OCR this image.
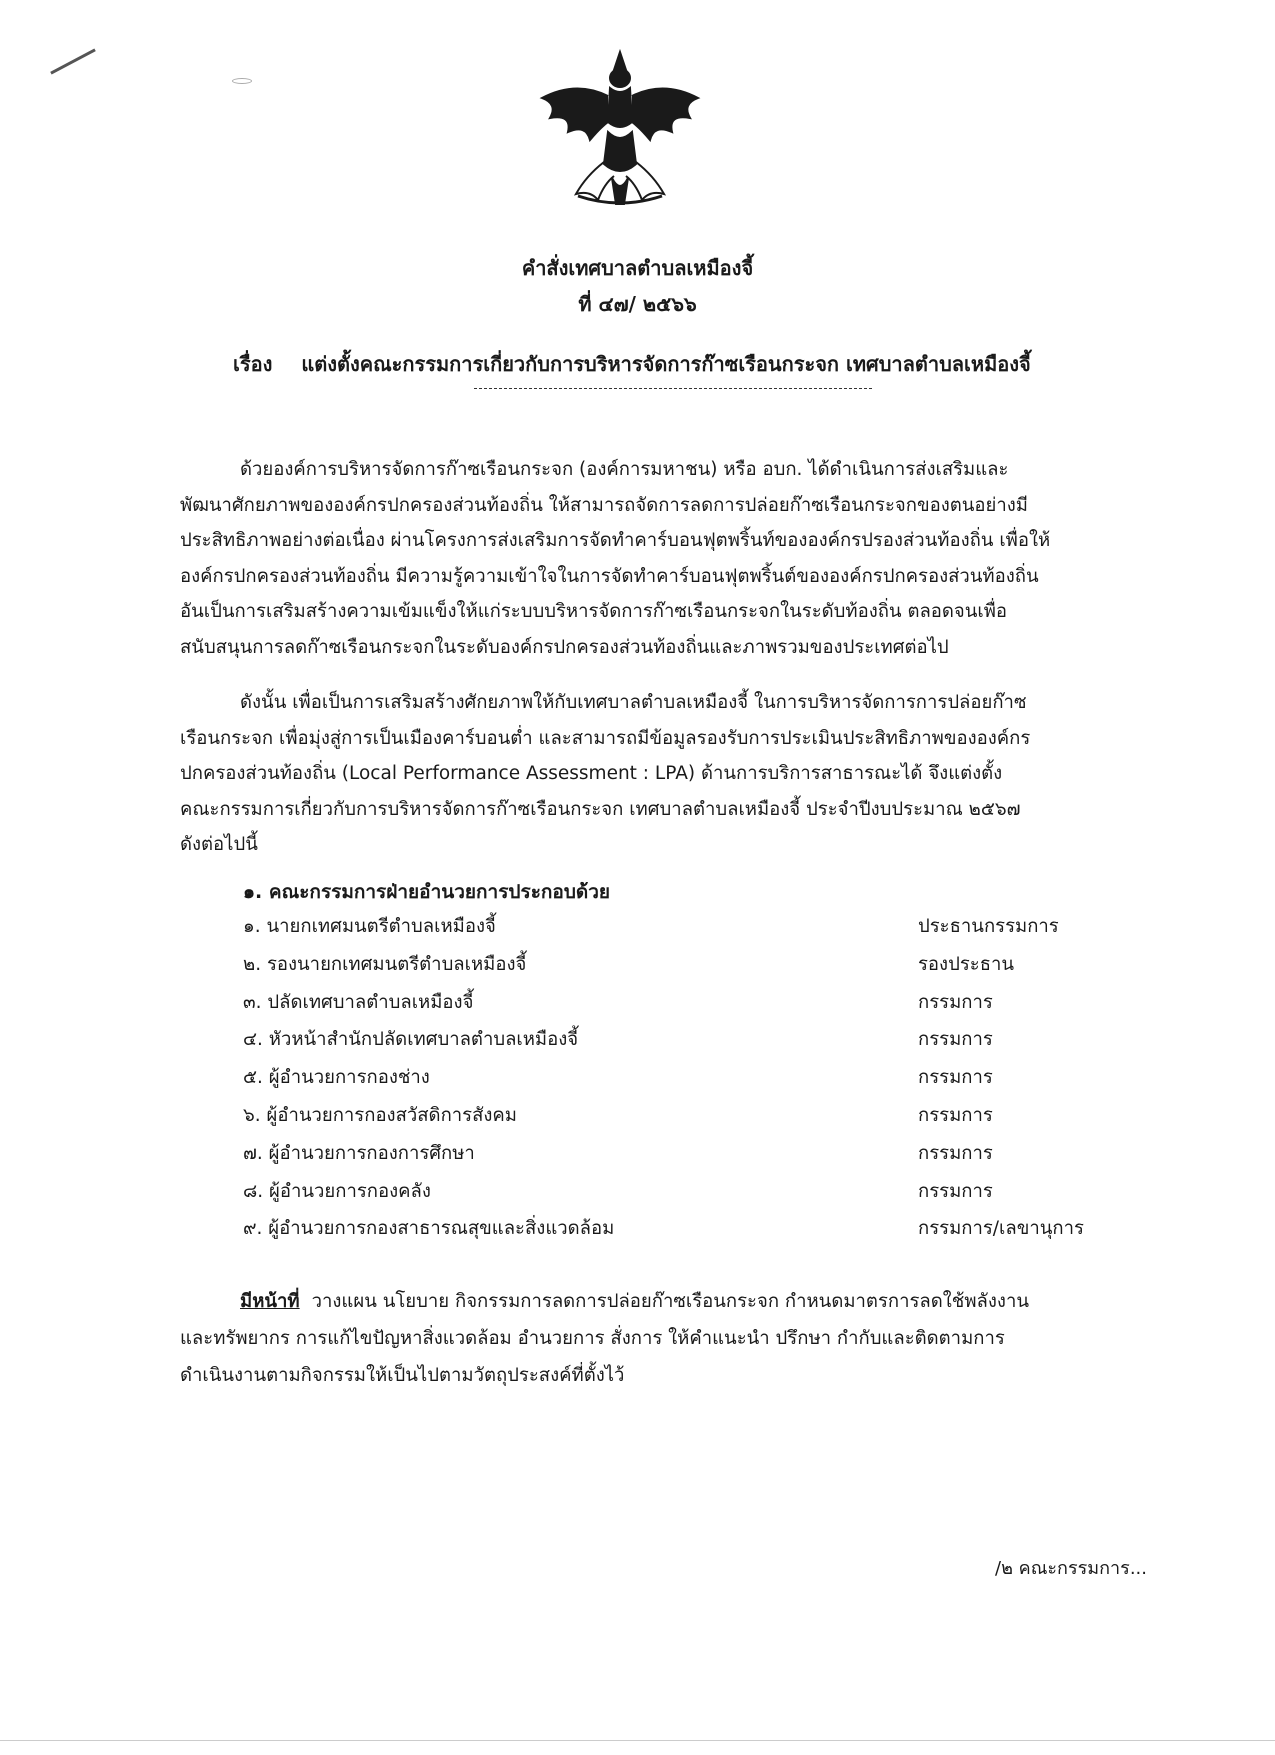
คำสั่งเทศบาลตำบลเหมืองจี้
ที่ ๔๗/ ๒๕๖๖
เรื่อง แต่งตั้งคณะกรรมการเกี่ยวกับการบริหารจัดการก๊าซเรือนกระจก เทศบาลตำบลเหมืองจี้
ด้วยองค์การบริหารจัดการก๊าซเรือนกระจก (องค์การมหาชน) หรือ อบก. ได้ดำเนินการส่งเสริมและ
พัฒนาศักยภาพขององค์กรปกครองส่วนท้องถิ่น ให้สามารถจัดการลดการปล่อยก๊าซเรือนกระจกของตนอย่างมี
ประสิทธิภาพอย่างต่อเนื่อง ผ่านโครงการส่งเสริมการจัดทำคาร์บอนฟุตพริ้นท์ขององค์กรปรองส่วนท้องถิ่น เพื่อให้
องค์กรปกครองส่วนท้องถิ่น มีความรู้ความเข้าใจในการจัดทำคาร์บอนฟุตพริ้นต์ขององค์กรปกครองส่วนท้องถิ่น
อันเป็นการเสริมสร้างความเข้มแข็งให้แก่ระบบบริหารจัดการก๊าซเรือนกระจกในระดับท้องถิ่น ตลอดจนเพื่อ
สนับสนุนการลดก๊าซเรือนกระจกในระดับองค์กรปกครองส่วนท้องถิ่นและภาพรวมของประเทศต่อไป
ดังนั้น เพื่อเป็นการเสริมสร้างศักยภาพให้กับเทศบาลตำบลเหมืองจี้ ในการบริหารจัดการการปล่อยก๊าซ
เรือนกระจก เพื่อมุ่งสู่การเป็นเมืองคาร์บอนต่ำ และสามารถมีข้อมูลรองรับการประเมินประสิทธิภาพขององค์กร
ปกครองส่วนท้องถิ่น (Local Performance Assessment : LPA) ด้านการบริการสาธารณะได้ จึงแต่งตั้ง
คณะกรรมการเกี่ยวกับการบริหารจัดการก๊าซเรือนกระจก เทศบาลตำบลเหมืองจี้ ประจำปีงบประมาณ ๒๕๖๗
ดังต่อไปนี้
๑. คณะกรรมการฝ่ายอำนวยการประกอบด้วย
๑. นายกเทศมนตรีตำบลเหมืองจี้	ประธานกรรมการ
๒. รองนายกเทศมนตรีตำบลเหมืองจี้	รองประธาน
๓. ปลัดเทศบาลตำบลเหมืองจี้	กรรมการ
๔. หัวหน้าสำนักปลัดเทศบาลตำบลเหมืองจี้	กรรมการ
๕. ผู้อำนวยการกองช่าง	กรรมการ
๖. ผู้อำนวยการกองสวัสดิการสังคม	กรรมการ
๗. ผู้อำนวยการกองการศึกษา	กรรมการ
๘. ผู้อำนวยการกองคลัง	กรรมการ
๙. ผู้อำนวยการกองสาธารณสุขและสิ่งแวดล้อม	กรรมการ/เลขานุการ
มีหน้าที่ วางแผน นโยบาย กิจกรรมการลดการปล่อยก๊าซเรือนกระจก กำหนดมาตรการลดใช้พลังงาน
และทรัพยากร การแก้ไขปัญหาสิ่งแวดล้อม อำนวยการ สั่งการ ให้คำแนะนำ ปรึกษา กำกับและติดตามการ
ดำเนินงานตามกิจกรรมให้เป็นไปตามวัตถุประสงค์ที่ตั้งไว้
/๒ คณะกรรมการ...
